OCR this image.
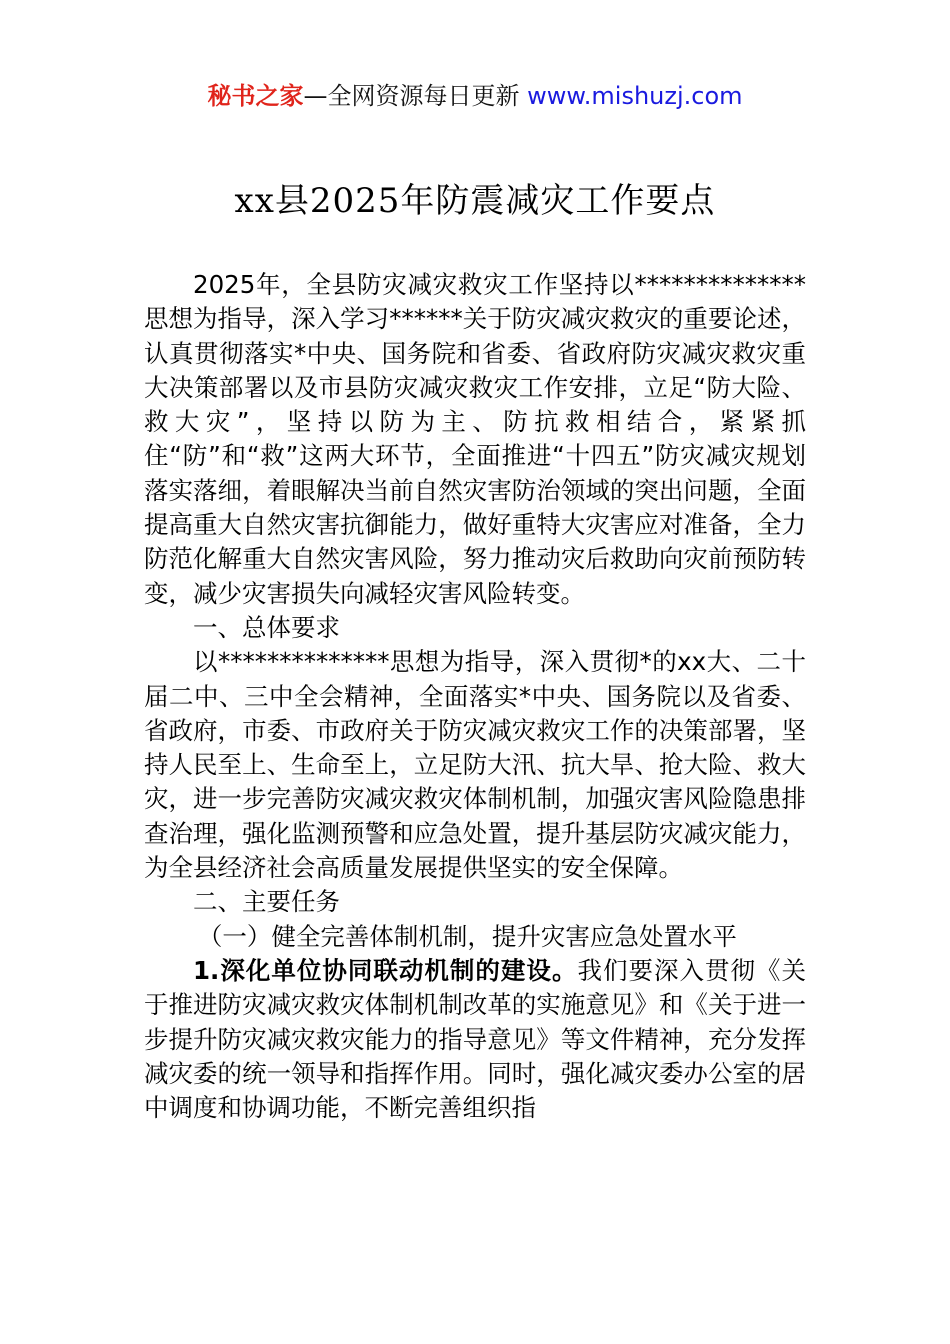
秘书之家—全网资源每日更新 www.mishuzj.com
xx县2025年防震减灾工作要点

2025年，全县防灾减灾救灾工作坚持以**************思想为指导，深入学习******关于防灾减灾救灾的重要论述，认真贯彻落实*中央、国务院和省委、省政府防灾减灾救灾重大决策部署以及市县防灾减灾救灾工作安排，立足“防大险、救大灾”，坚持以防为主、防抗救相结合，紧紧抓住“防”和“救”这两大环节，全面推进“十四五”防灾减灾规划落实落细，着眼解决当前自然灾害防治领域的突出问题，全面提高重大自然灾害抗御能力，做好重特大灾害应对准备，全力防范化解重大自然灾害风险，努力推动灾后救助向灾前预防转变，减少灾害损失向减轻灾害风险转变。

一、总体要求

以**************思想为指导，深入贯彻*的xx大、二十届二中、三中全会精神，全面落实*中央、国务院以及省委、省政府，市委、市政府关于防灾减灾救灾工作的决策部署，坚持人民至上、生命至上，立足防大汛、抗大旱、抢大险、救大灾，进一步完善防灾减灾救灾体制机制，加强灾害风险隐患排查治理，强化监测预警和应急处置，提升基层防灾减灾能力，为全县经济社会高质量发展提供坚实的安全保障。

二、主要任务

（一）健全完善体制机制，提升灾害应急处置水平

1.深化单位协同联动机制的建设。我们要深入贯彻《关于推进防灾减灾救灾体制机制改革的实施意见》和《关于进一步提升防灾减灾救灾能力的指导意见》等文件精神，充分发挥减灾委的统一领导和指挥作用。同时，强化减灾委办公室的居中调度和协调功能，不断完善组织指
